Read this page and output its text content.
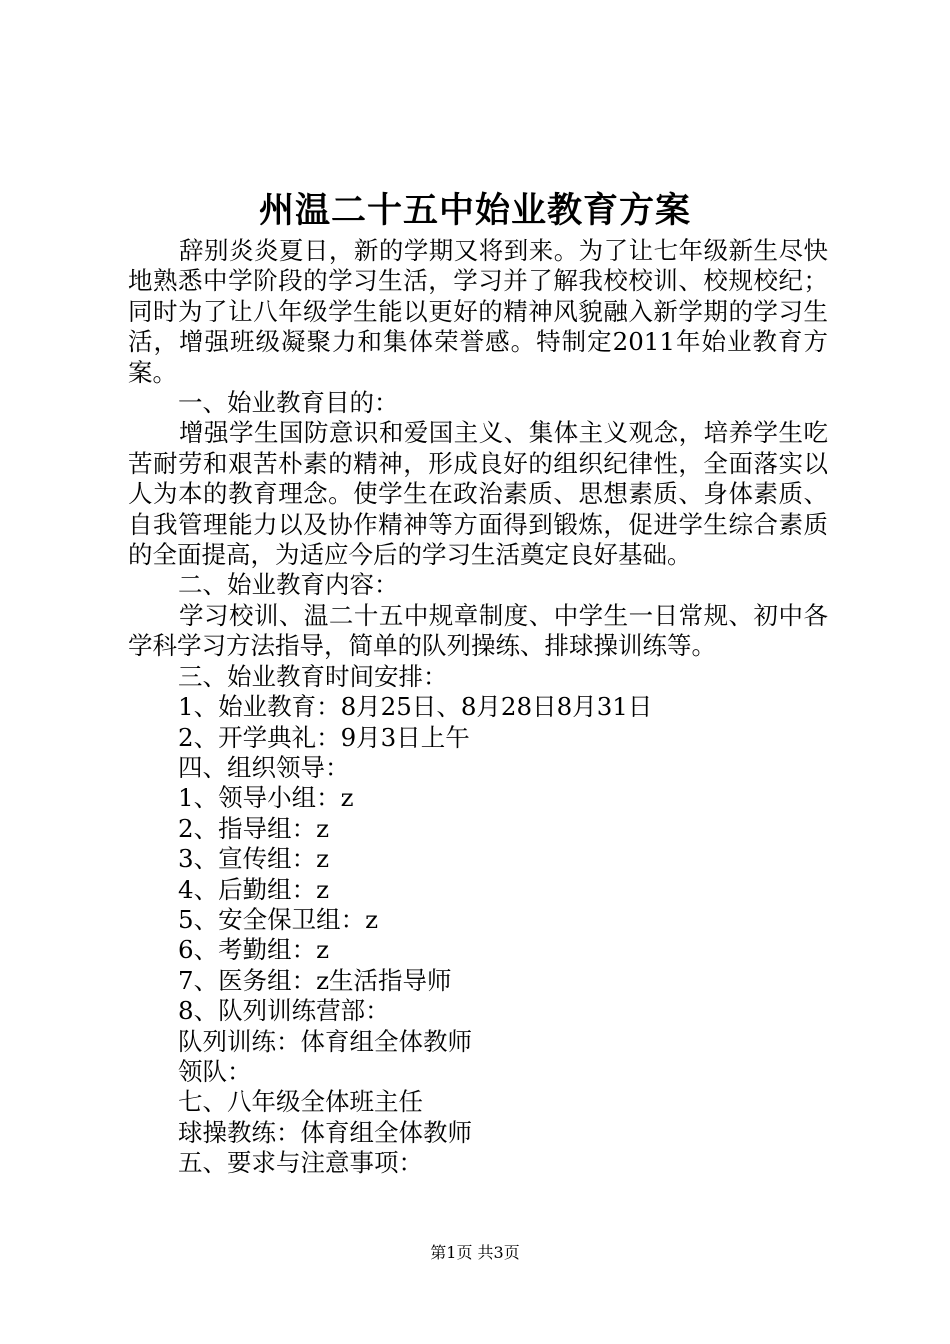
州温二十五中始业教育方案

辞别炎炎夏日，新的学期又将到来。为了让七年级新生尽快地熟悉中学阶段的学习生活，学习并了解我校校训、校规校纪；同时为了让八年级学生能以更好的精神风貌融入新学期的学习生活，增强班级凝聚力和集体荣誉感。特制定2011年始业教育方案。

一、始业教育目的：

增强学生国防意识和爱国主义、集体主义观念，培养学生吃苦耐劳和艰苦朴素的精神，形成良好的组织纪律性，全面落实以人为本的教育理念。使学生在政治素质、思想素质、身体素质、自我管理能力以及协作精神等方面得到锻炼，促进学生综合素质的全面提高，为适应今后的学习生活奠定良好基础。

二、始业教育内容：

学习校训、温二十五中规章制度、中学生一日常规、初中各学科学习方法指导，简单的队列操练、排球操训练等。

三、始业教育时间安排：

1、始业教育：8月25日、8月28日8月31日

2、开学典礼：9月3日上午

四、组织领导：

1、领导小组：z

2、指导组：z

3、宣传组：z

4、后勤组：z

5、安全保卫组：z

6、考勤组：z

7、医务组：z生活指导师

8、队列训练营部：

队列训练：体育组全体教师

领队：

七、八年级全体班主任

球操教练：体育组全体教师

五、要求与注意事项：

第1页 共3页
